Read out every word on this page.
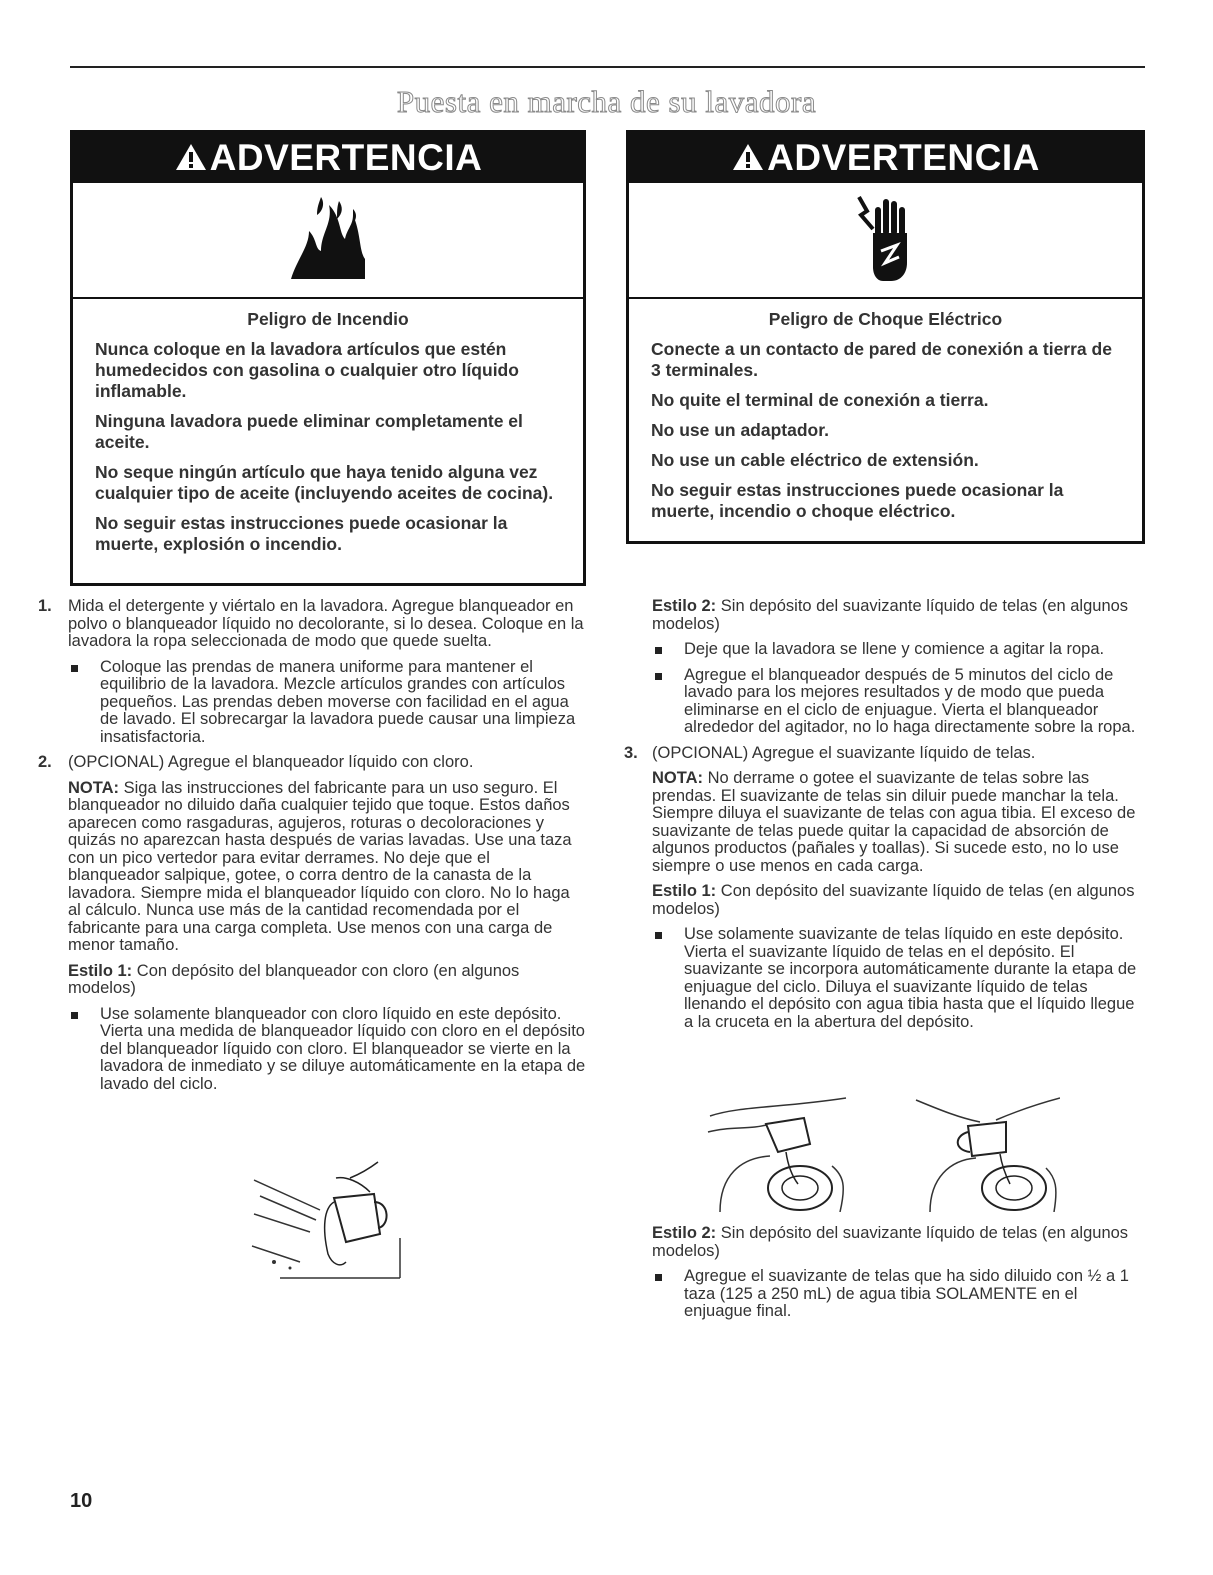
Puesta en marcha de su lavadora
ADVERTENCIA
Peligro de Incendio

Nunca coloque en la lavadora artículos que estén humedecidos con gasolina o cualquier otro líquido inflamable.

Ninguna lavadora puede eliminar completamente el aceite.

No seque ningún artículo que haya tenido alguna vez cualquier tipo de aceite (incluyendo aceites de cocina).

No seguir estas instrucciones puede ocasionar la muerte, explosión o incendio.

ADVERTENCIA
Peligro de Choque Eléctrico

Conecte a un contacto de pared de conexión a tierra de 3 terminales.

No quite el terminal de conexión a tierra.

No use un adaptador.

No use un cable eléctrico de extensión.

No seguir estas instrucciones puede ocasionar la muerte, incendio o choque eléctrico.

1. Mida el detergente y viértalo en la lavadora. Agregue blanqueador en polvo o blanqueador líquido no decolorante, si lo desea. Coloque en la lavadora la ropa seleccionada de modo que quede suelta.

Coloque las prendas de manera uniforme para mantener el equilibrio de la lavadora. Mezcle artículos grandes con artículos pequeños. Las prendas deben moverse con facilidad en el agua de lavado. El sobrecargar la lavadora puede causar una limpieza insatisfactoria.
2. (OPCIONAL) Agregue el blanqueador líquido con cloro.

NOTA: Siga las instrucciones del fabricante para un uso seguro. El blanqueador no diluido daña cualquier tejido que toque. Estos daños aparecen como rasgaduras, agujeros, roturas o decoloraciones y quizás no aparezcan hasta después de varias lavadas. Use una taza con un pico vertedor para evitar derrames. No deje que el blanqueador salpique, gotee, o corra dentro de la canasta de la lavadora. Siempre mida el blanqueador líquido con cloro. No lo haga al cálculo. Nunca use más de la cantidad recomendada por el fabricante para una carga completa. Use menos con una carga de menor tamaño.

Estilo 1: Con depósito del blanqueador con cloro (en algunos modelos)

Use solamente blanqueador con cloro líquido en este depósito. Vierta una medida de blanqueador líquido con cloro en el depósito del blanqueador líquido con cloro. El blanqueador se vierte en la lavadora de inmediato y se diluye automáticamente en la etapa de lavado del ciclo.

Estilo 2: Sin depósito del suavizante líquido de telas (en algunos modelos)

Deje que la lavadora se llene y comience a agitar la ropa.
Agregue el blanqueador después de 5 minutos del ciclo de lavado para los mejores resultados y de modo que pueda eliminarse en el ciclo de enjuague. Vierta el blanqueador alrededor del agitador, no lo haga directamente sobre la ropa.
3. (OPCIONAL) Agregue el suavizante líquido de telas.

NOTA: No derrame o gotee el suavizante de telas sobre las prendas. El suavizante de telas sin diluir puede manchar la tela. Siempre diluya el suavizante de telas con agua tibia. El exceso de suavizante de telas puede quitar la capacidad de absorción de algunos productos (pañales y toallas). Si sucede esto, no lo use siempre o use menos en cada carga.

Estilo 1: Con depósito del suavizante líquido de telas (en algunos modelos)

Use solamente suavizante de telas líquido en este depósito. Vierta el suavizante líquido de telas en el depósito. El suavizante se incorpora automáticamente durante la etapa de enjuague del ciclo. Diluya el suavizante líquido de telas llenando el depósito con agua tibia hasta que el líquido llegue a la cruceta en la abertura del depósito.

Estilo 2: Sin depósito del suavizante líquido de telas (en algunos modelos)

Agregue el suavizante de telas que ha sido diluido con ½ a 1 taza (125 a 250 mL) de agua tibia SOLAMENTE en el enjuague final.
10
